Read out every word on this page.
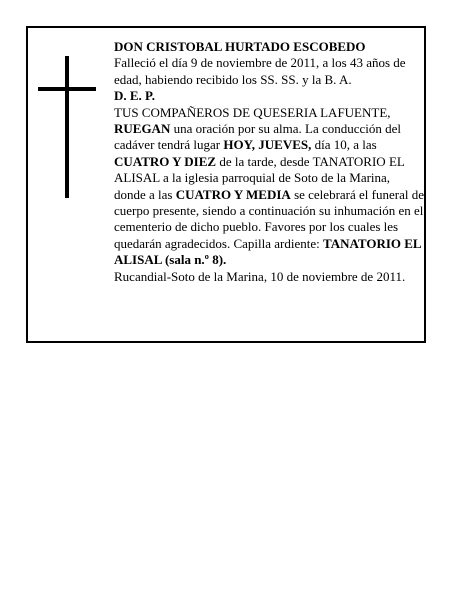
DON CRISTOBAL HURTADO ESCOBEDO

Falleció el día 9 de noviembre de 2011, a los 43 años de edad, habiendo recibido los SS. SS. y la B. A.

D. E. P.

TUS COMPAÑEROS DE QUESERIA LAFUENTE,
RUEGAN una oración por su alma. La conducción del cadáver tendrá lugar HOY, JUEVES, día 10, a las CUATRO Y DIEZ de la tarde, desde TANATORIO EL ALISAL a la iglesia parroquial de Soto de la Marina, donde a las CUATRO Y MEDIA se celebrará el funeral de cuerpo presente, siendo a continuación su inhumación en el cementerio de dicho pueblo. Favores por los cuales les quedarán agradecidos. Capilla ardiente: TANATORIO EL ALISAL (sala n.º 8).

Rucandial-Soto de la Marina, 10 de noviembre de 2011.
